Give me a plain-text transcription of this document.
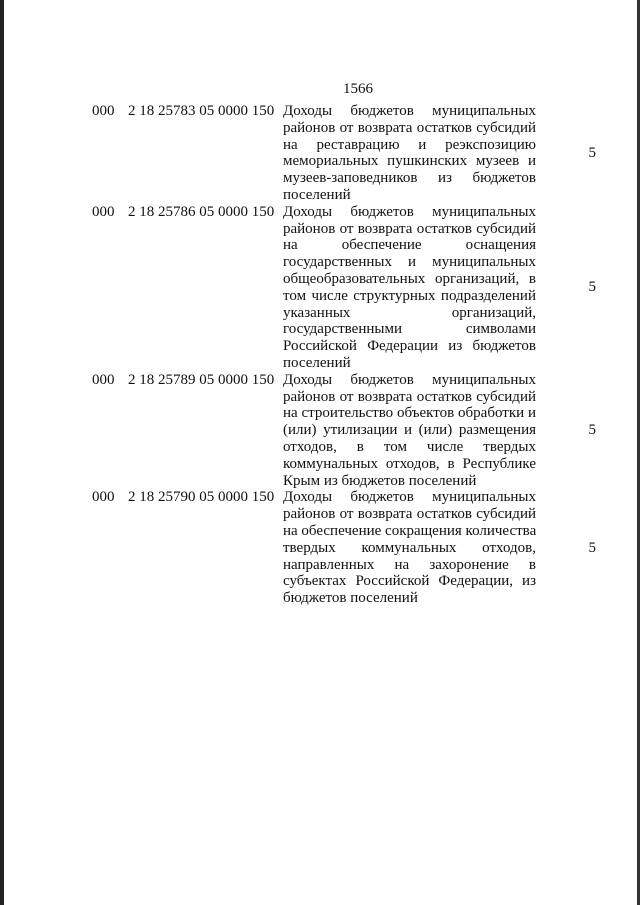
1566
000 2 18 25783 05 0000 150 Доходы бюджетов муниципальных
районов от возврата остатков субсидий
на реставрацию и реэкспозицию
мемориальных пушкинских музеев и
музеев-заповедников из бюджетов
поселений
5
000 2 18 25786 05 0000 150 Доходы бюджетов муниципальных
районов от возврата остатков субсидий
на обеспечение оснащения
государственных и муниципальных
общеобразовательных организаций, в
том числе структурных подразделений
указанных организаций,
государственными символами
Российской Федерации из бюджетов
поселений
5
000 2 18 25789 05 0000 150 Доходы бюджетов муниципальных
районов от возврата остатков субсидий
на строительство объектов обработки и
(или) утилизации и (или) размещения
отходов, в том числе твердых
коммунальных отходов, в Республике
Крым из бюджетов поселений
5
000 2 18 25790 05 0000 150 Доходы бюджетов муниципальных
районов от возврата остатков субсидий
на обеспечение сокращения количества
твердых коммунальных отходов,
направленных на захоронение в
субъектах Российской Федерации, из
бюджетов поселений
5
